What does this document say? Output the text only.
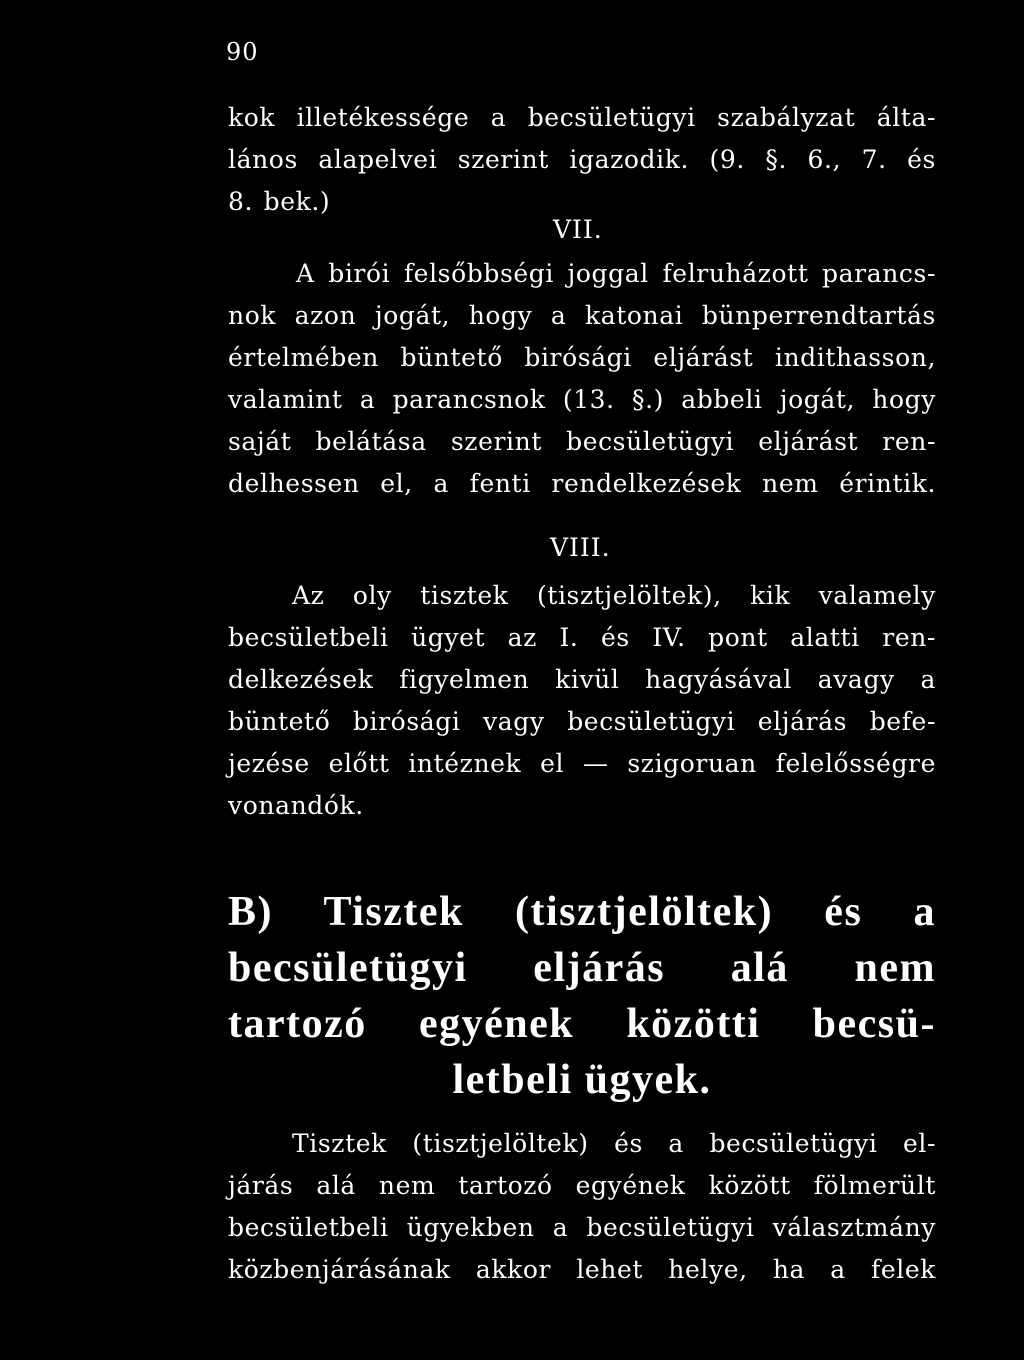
90
kok illetékessége a becsületügyi szabályzat álta-
lános alapelvei szerint igazodik. (9. §. 6., 7. és
8. bek.)
VII.
A birói felsőbbségi joggal felruházott parancs-
nok azon jogát, hogy a katonai bünperrendtartás
értelmében büntető birósági eljárást indithasson,
valamint a parancsnok (13. §.) abbeli jogát, hogy
saját belátása szerint becsületügyi eljárást ren-
delhessen el, a fenti rendelkezések nem érintik.
VIII.
Az oly tisztek (tisztjelöltek), kik valamely
becsületbeli ügyet az I. és IV. pont alatti ren-
delkezések figyelmen kivül hagyásával avagy a
büntető birósági vagy becsületügyi eljárás befe-
jezése előtt intéznek el — szigoruan felelősségre
vonandók.
B) Tisztek (tisztjelöltek) és a
becsületügyi eljárás alá nem
tartozó egyének közötti becsü-
letbeli ügyek.
Tisztek (tisztjelöltek) és a becsületügyi el-
járás alá nem tartozó egyének között fölmerült
becsületbeli ügyekben a becsületügyi választmány
közbenjárásának akkor lehet helye, ha a felek
